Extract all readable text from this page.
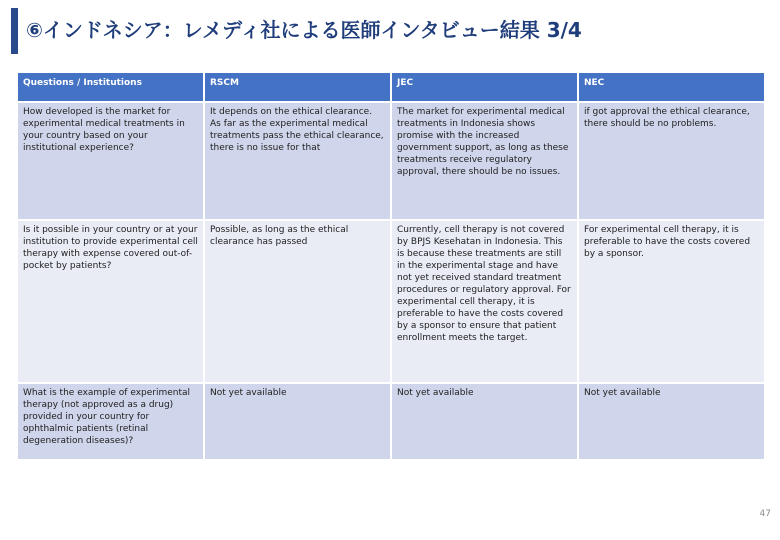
⑥インドネシア：レメディ社による医師インタビュー結果 3/4
Questions / Institutions	RSCM	JEC	NEC
How developed is the market for experimental medical treatments in your country based on your institutional experience?	It depends on the ethical clearance. As far as the experimental medical treatments pass the ethical clearance, there is no issue for that	The market for experimental medical treatments in Indonesia shows promise with the increased government support, as long as these treatments receive regulatory approval, there should be no issues.	if got approval the ethical clearance, there should be no problems.
Is it possible in your country or at your institution to provide experimental cell therapy with expense covered out-of-pocket by patients?	Possible, as long as the ethical clearance has passed	Currently, cell therapy is not covered by BPJS Kesehatan in Indonesia. This is because these treatments are still in the experimental stage and have not yet received standard treatment procedures or regulatory approval. For experimental cell therapy, it is preferable to have the costs covered by a sponsor to ensure that patient enrollment meets the target.	For experimental cell therapy, it is preferable to have the costs covered by a sponsor.
What is the example of experimental therapy (not approved as a drug) provided in your country for ophthalmic patients (retinal degeneration diseases)?	Not yet available	Not yet available	Not yet available
47
